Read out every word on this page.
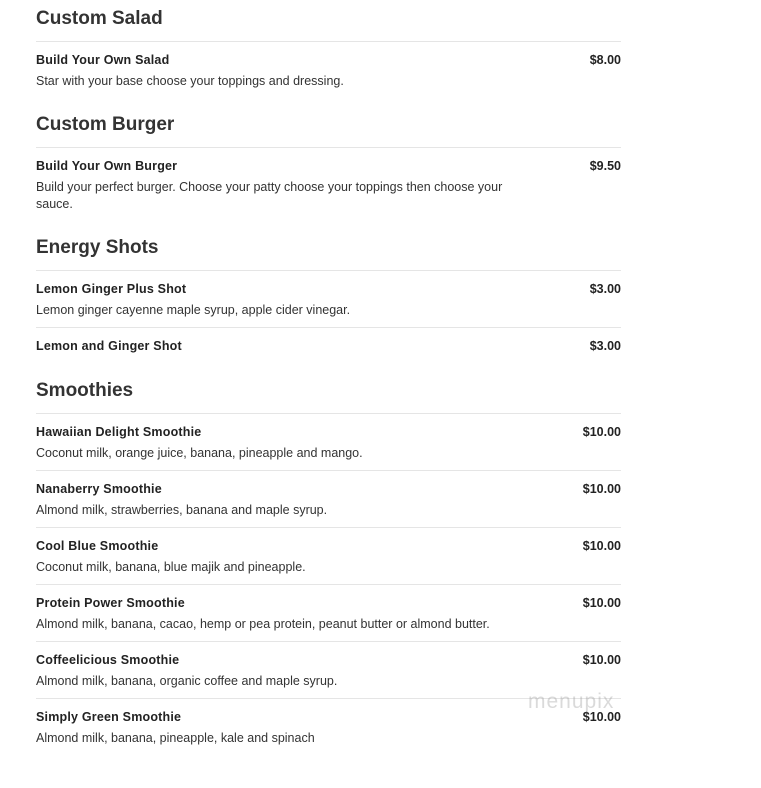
Custom Salad
Build Your Own Salad	$8.00
Star with your base choose your toppings and dressing.
Custom Burger
Build Your Own Burger	$9.50
Build your perfect burger. Choose your patty choose your toppings then choose your sauce.
Energy Shots
Lemon Ginger Plus Shot	$3.00
Lemon ginger cayenne maple syrup, apple cider vinegar.
Lemon and Ginger Shot	$3.00
Smoothies
Hawaiian Delight Smoothie	$10.00
Coconut milk, orange juice, banana, pineapple and mango.
Nanaberry Smoothie	$10.00
Almond milk, strawberries, banana and maple syrup.
Cool Blue Smoothie	$10.00
Coconut milk, banana, blue majik and pineapple.
Protein Power Smoothie	$10.00
Almond milk, banana, cacao, hemp or pea protein, peanut butter or almond butter.
Coffeelicious Smoothie	$10.00
Almond milk, banana, organic coffee and maple syrup.
Simply Green Smoothie	$10.00
Almond milk, banana, pineapple, kale and spinach
menupix
